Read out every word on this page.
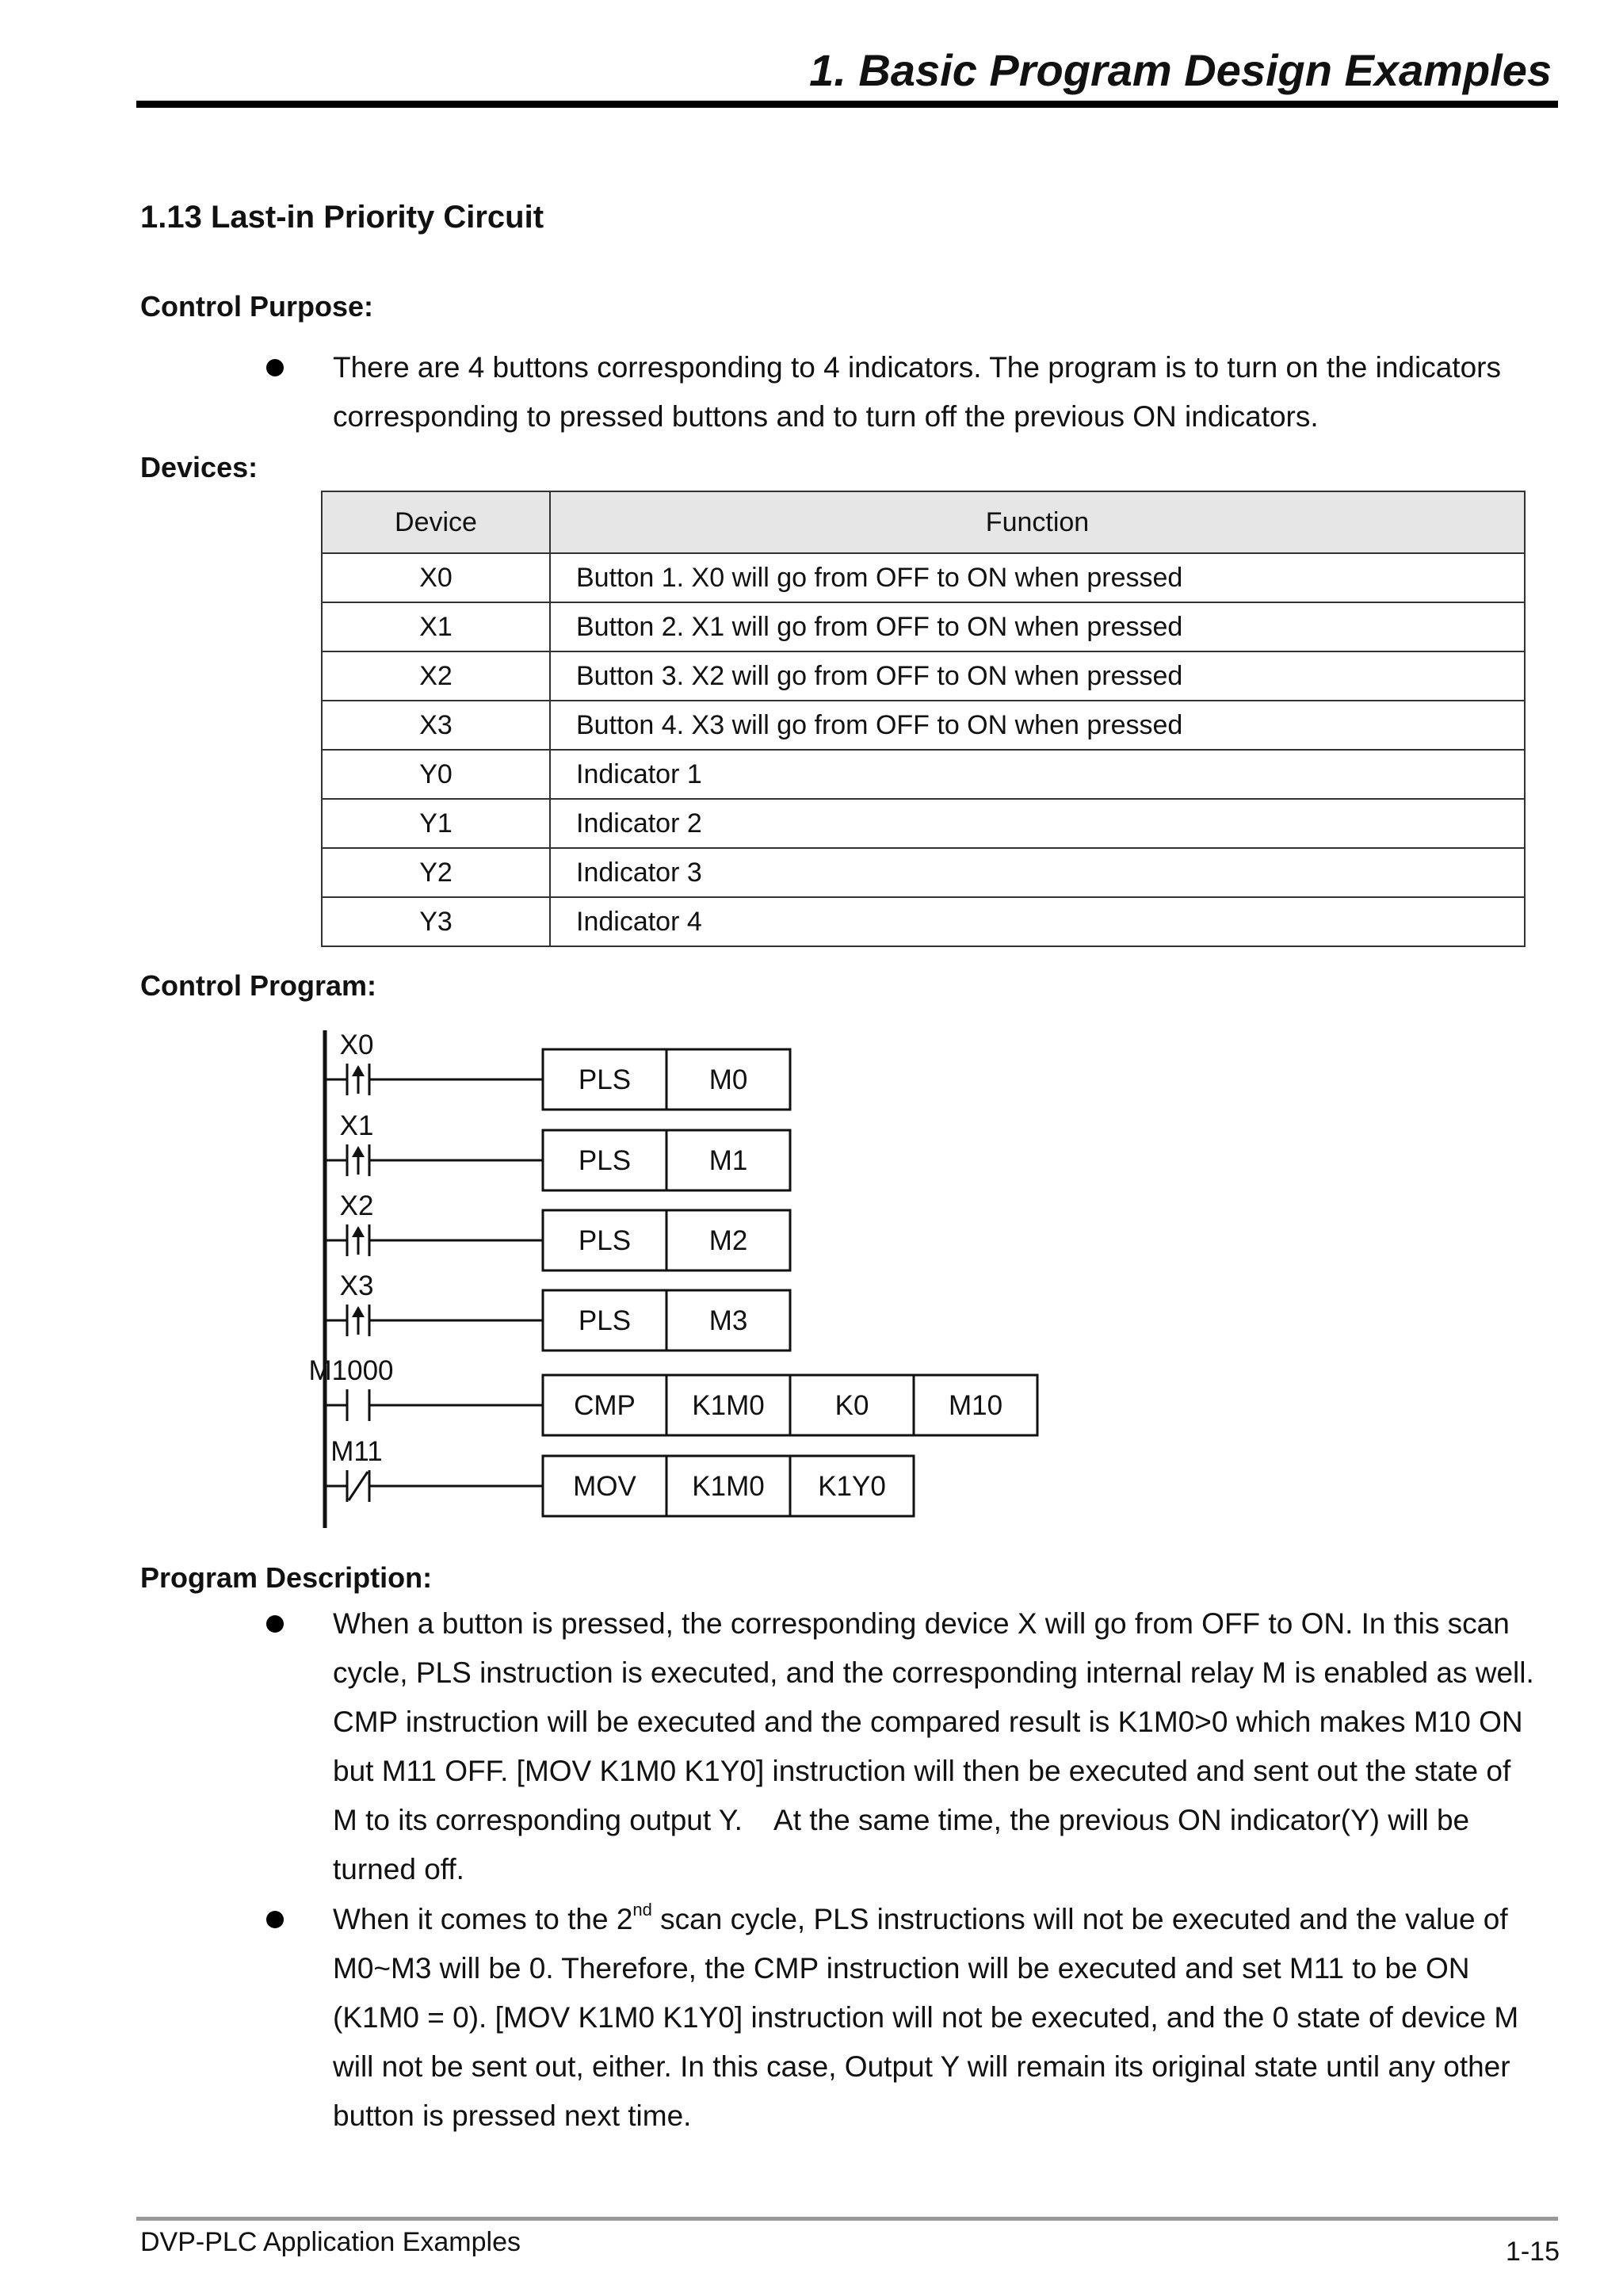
1. Basic Program Design Examples
1.13 Last-in Priority Circuit
Control Purpose:
There are 4 buttons corresponding to 4 indicators. The program is to turn on the indicators
corresponding to pressed buttons and to turn off the previous ON indicators.
Devices:
Device	Function
X0	Button 1. X0 will go from OFF to ON when pressed
X1	Button 2. X1 will go from OFF to ON when pressed
X2	Button 3. X2 will go from OFF to ON when pressed
X3	Button 4. X3 will go from OFF to ON when pressed
Y0	Indicator 1
Y1	Indicator 2
Y2	Indicator 3
Y3	Indicator 4
Control Program:
X0
PLS	M0
X1
PLS	M1
X2
PLS	M2
X3
PLS	M3
M1000
CMP K1M0	K0	M10
M11
MOV K1M0 K1Y0
Program Description:
When a button is pressed, the corresponding device X will go from OFF to ON. In this scan
cycle, PLS instruction is executed, and the corresponding internal relay M is enabled as well.
CMP instruction will be executed and the compared result is K1M0>0 which makes M10 ON
but M11 OFF. [MOV K1M0 K1Y0] instruction will then be executed and sent out the state of
M to its corresponding output Y.    At the same time, the previous ON indicator(Y) will be
turned off.
When it comes to the 2nd scan cycle, PLS instructions will not be executed and the value of
M0~M3 will be 0. Therefore, the CMP instruction will be executed and set M11 to be ON
(K1M0 = 0). [MOV K1M0 K1Y0] instruction will not be executed, and the 0 state of device M
will not be sent out, either. In this case, Output Y will remain its original state until any other
button is pressed next time.
DVP-PLC Application Examples	1-15
